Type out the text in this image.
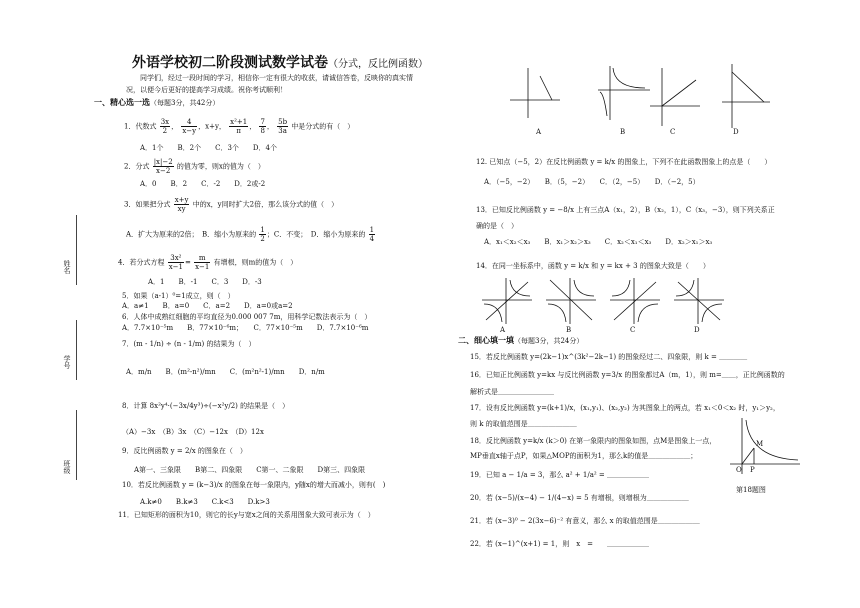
外语学校初二阶段测试数学试卷（分式，反比例函数）
同学们，经过一段时间的学习，相信你一定有很大的收获，请诚信答卷，反映你的真实情
况，以便今后更好的提高学习成绩。祝你考试顺利！
姓名
学号
班级
一、精心选一选（每题3分，共42分）
1．代数式 $\frac{3x}{2}$ ， $\frac{4}{x-y}$ ，x+y， $\frac{\text{x²+1}}{\pi}$ ， $\frac{7}{8}$ ， $\frac{5b}{3a}$ 中是分式的有（　）
A．1个　　B．2个　　C．3个　　D．4个
2．分式 $\frac{|x|-2}{x-2}$ 的值为零，则x的值为（　）
A．0　　B．2　　C．-2　　D．2或-2
3．如果把分式 $\frac{x+y}{xy}$ 中的x，y同时扩大2倍，那么该分式的值（　）
A．扩大为原来的2倍；　 B．缩小为原来的 $\frac{1}{2}$ ；C．不变；　 D．缩小为原来的 $\frac{1}{4}$
4．若分式方程 $\frac{\text{3x²}}{x-1} = \frac{m}{x-1}$ 有增根，则m的值为（　）
A．1　　B．-1　　C．3　　D．-3
5．如果（a-1）⁰=1成立，则（　）
A．a≠1　　B．a=0　　C．a=2　　D．a=0或a=2
6．人体中成熟红细胞的平均直径为0.000 007 7m，用科学记数法表示为（　）
A．7.7×10⁻⁵m　　B．77×10⁻⁶m；　　C．77×10⁻⁵m　　D．7.7×10⁻⁶m
7．(m - 1/n) ÷ (n - 1/m) 的结果为（　）
A．m/n　　B．(m²-n²)/mn　　C．(m²n²-1)/mn　　D．n/m
8．计算 8x²y⁴·(−3x/4y³)÷(−x²y/2) 的结果是（　）
（A）−3x　（B）3x　（C）−12x　（D）12x
9．反比例函数 y = 2/x 的图象在（　）
A第一、三象限　　B第二、四象限　　C第一、二象限　　D第三、四象限
10．若反比例函数 y = (k−3)/x 的图象在每一象限内，y随x的增大而减小，则有(　)
A.k≠0　　B.k≠3　　C.k<3　　D.k>3
11．已知矩形的面积为10，则它的长y与宽x之间的关系用图象大致可表示为（　）
A	B	C	D
12. 已知点（−5，2）在反比例函数 y = k/x 的图象上，下列不在此函数图象上的点是（　　）
A．（−5，−2）　　B．（5，−2）　　C．（2，−5）　　D．（−2，5）
13．已知反比例函数 y = −8/x 上有三点A（x₁，2），B（x₂，1），C（x₃，−3），则下列关系正
确的是（　）
A．x₁＜x₂＜x₃　　B．x₁＞x₂＞x₃　　C．x₂＜x₁＜x₃　　D．x₂＞x₁＞x₃
14．在同一坐标系中，函数 y = k/x 和 y = kx + 3 的图象大致是（　　）
A	B	C	D
二、细心填一填（每题3分，共24分）
15．若反比例函数 y=(2k−1)x^(3k²−2k−1) 的图象经过二、四象限，则 k = ＿＿＿＿
16．已知正比例函数 y=kx 与反比例函数 y=3/x 的图象都过A（m，1），则 m=＿＿，正比例函数的
解析式是＿＿＿＿＿＿＿＿
17．设有反比例函数 y=(k+1)/x，(x₁,y₁)、(x₂,y₂) 为其图象上的两点，若 x₁＜0＜x₂ 时，y₁＞y₂，
则 k 的取值范围是＿＿＿＿＿＿＿
18．反比例函数 y=k/x (k＞0) 在第一象限内的图象如图，点M是图象上一点，
MP垂直x轴于点P，如果△MOP的面积为1，那么k的值是＿＿＿＿＿＿；
M
O P
第18题图
19．已知 a − 1/a = 3，那么 a² + 1/a² = ＿＿＿＿＿＿
20．若 (x−5)/(x−4) − 1/(4−x) = 5 有增根，则增根为＿＿＿＿＿＿
21．若 (x−3)⁰ − 2(3x−6)⁻² 有意义，那么 x 的取值范围是＿＿＿＿＿＿
22．若 (x−1)^(x+1) = 1，则　x　=　　＿＿＿＿＿＿
